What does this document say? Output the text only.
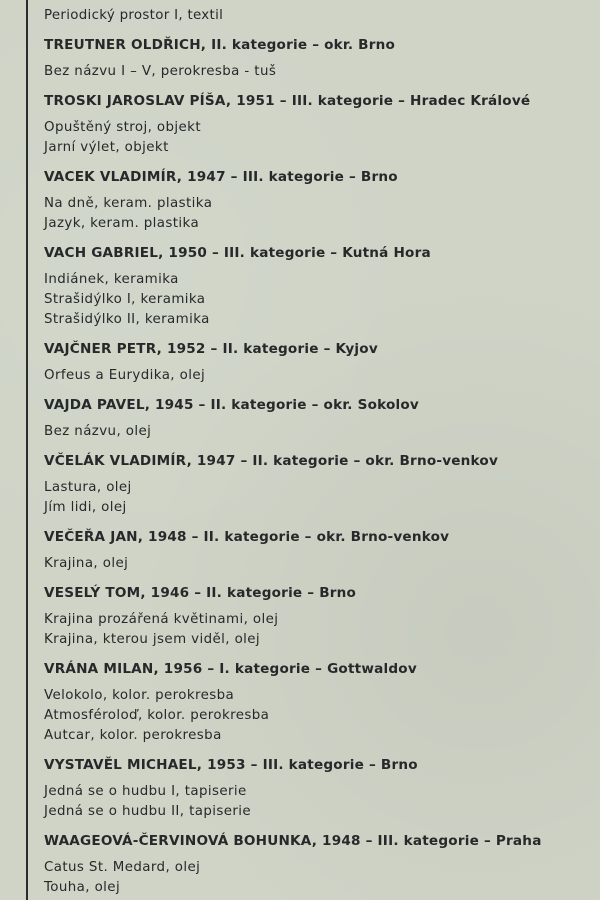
Periodický prostor I, textil
TREUTNER OLDŘICH, II. kategorie – okr. Brno
Bez názvu I – V, perokresba - tuš
TROSKI JAROSLAV PÍŠA, 1951 – III. kategorie – Hradec Králové
Opuštěný stroj, objekt
Jarní výlet, objekt
VACEK VLADIMÍR, 1947 – III. kategorie – Brno
Na dně, keram. plastika
Jazyk, keram. plastika
VACH GABRIEL, 1950 – III. kategorie – Kutná Hora
Indiánek, keramika
Strašidýlko I, keramika
Strašidýlko II, keramika
VAJČNER PETR, 1952 – II. kategorie – Kyjov
Orfeus a Eurydika, olej
VAJDA PAVEL, 1945 – II. kategorie – okr. Sokolov
Bez názvu, olej
VČELÁK VLADIMÍR, 1947 – II. kategorie – okr. Brno-venkov
Lastura, olej
Jím lidi, olej
VEČEŘA JAN, 1948 – II. kategorie – okr. Brno-venkov
Krajina, olej
VESELÝ TOM, 1946 – II. kategorie – Brno
Krajina prozářená květinami, olej
Krajina, kterou jsem viděl, olej
VRÁNA MILAN, 1956 – I. kategorie – Gottwaldov
Velokolo, kolor. perokresba
Atmosférolоď, kolor. perokresba
Autcar, kolor. perokresba
VYSTAVĚL MICHAEL, 1953 – III. kategorie – Brno
Jedná se o hudbu I, tapiserie
Jedná se o hudbu II, tapiserie
WAAGEOVÁ-ČERVINOVÁ BOHUNKA, 1948 – III. kategorie – Praha
Catus St. Medard, olej
Touha, olej
